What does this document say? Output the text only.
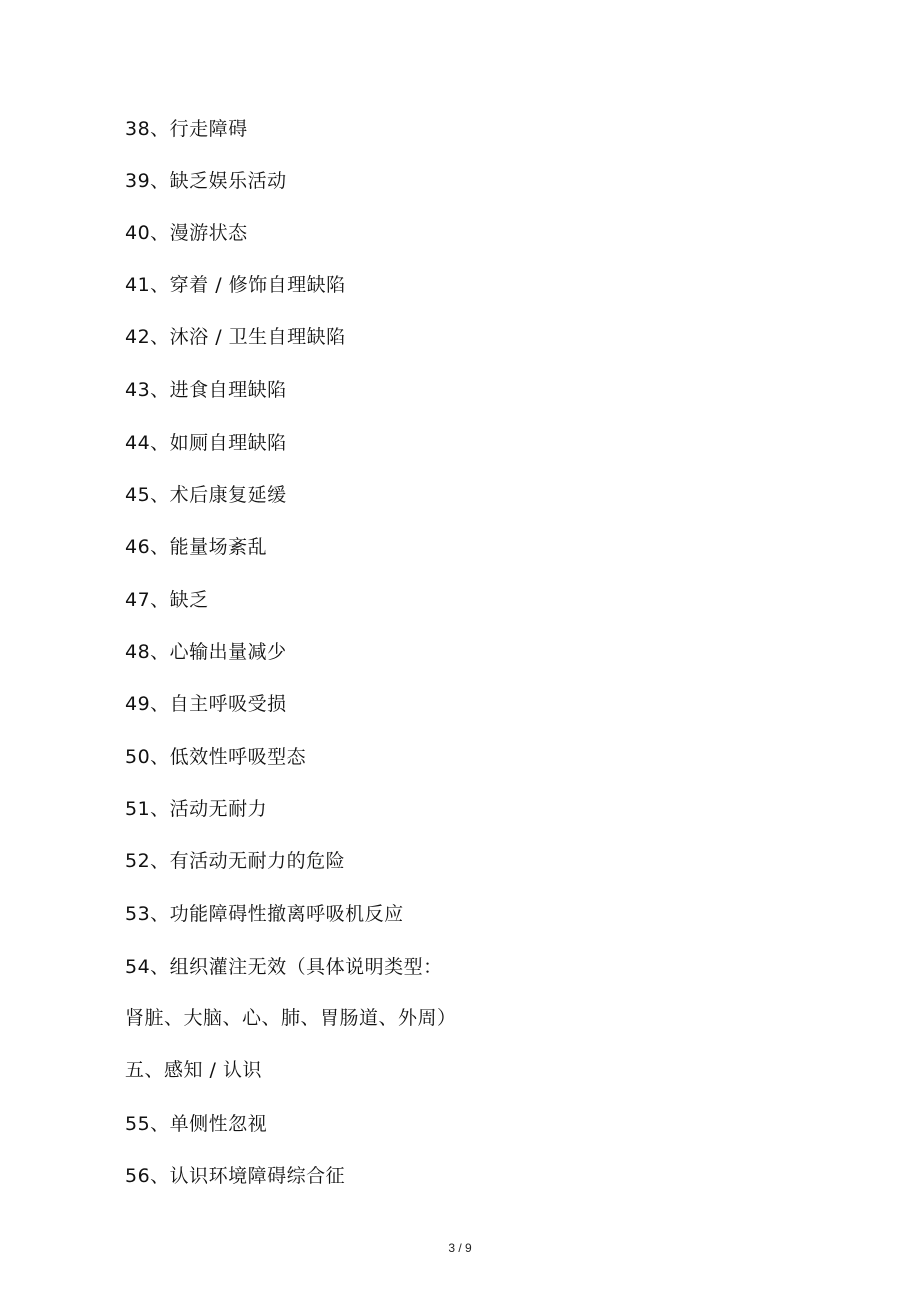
38、行走障碍
39、缺乏娱乐活动
40、漫游状态
41、穿着 / 修饰自理缺陷
42、沐浴 / 卫生自理缺陷
43、进食自理缺陷
44、如厕自理缺陷
45、术后康复延缓
46、能量场紊乱
47、缺乏
48、心输出量减少
49、自主呼吸受损
50、低效性呼吸型态
51、活动无耐力
52、有活动无耐力的危险
53、功能障碍性撤离呼吸机反应
54、组织灌注无效（具体说明类型：
肾脏、大脑、心、肺、胃肠道、外周）
五、感知 / 认识
55、单侧性忽视
56、认识环境障碍综合征
3 / 9
